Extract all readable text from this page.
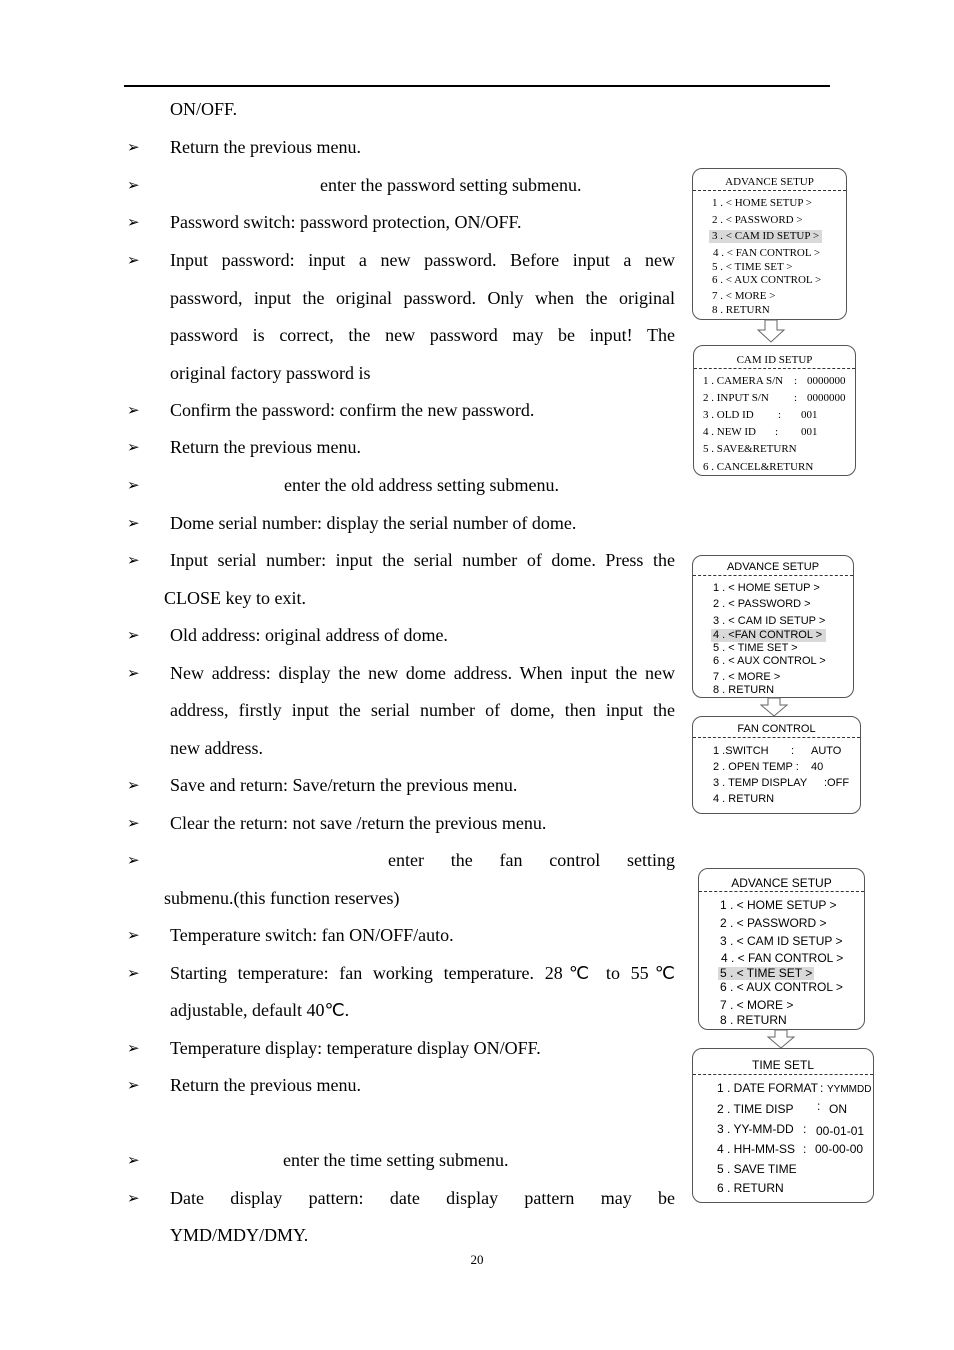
ON/OFF.
➢ Return the previous menu.
➢	enter the password setting submenu.
➢ Password switch: password protection, ON/OFF.
➢ Input password: input a new password. Before input a new
password, input the original password. Only when the original
password is correct, the new password may be input! The
original factory password is
➢ Confirm the password: confirm the new password.
➢ Return the previous menu.
➢	enter the old address setting submenu.
➢ Dome serial number: display the serial number of dome.
➢ Input serial number: input the serial number of dome. Press the
CLOSE key to exit.
➢ Old address: original address of dome.
➢ New address: display the new dome address. When input the new
address, firstly input the serial number of dome, then input the
new address.
➢ Save and return: Save/return the previous menu.
➢ Clear the return: not save /return the previous menu.
➢	enter the fan control setting
submenu.(this function reserves)
➢ Temperature switch: fan ON/OFF/auto.
➢ Starting temperature: fan working temperature. 28℃ to 55℃
adjustable, default 40℃.
➢ Temperature display: temperature display ON/OFF.
➢ Return the previous menu.
➢	enter the time setting submenu.
➢ Date display pattern: date display pattern may be
YMD/MDY/DMY.
20
ADVANCE SETUP
1 . < HOME SETUP >
2 . < PASSWORD >
3 . < CAM ID SETUP >
4 . < FAN CONTROL >
5 . < TIME SET >
6 . < AUX CONTROL >
7 . < MORE >
8 . RETURN
CAM ID SETUP
1 . CAMERA S/N : 0000000
2 . INPUT S/N : 0000000
3 . OLD ID : 001
4 . NEW ID : 001
5 . SAVE&RETURN
6 . CANCEL&RETURN
ADVANCE SETUP
1 . < HOME SETUP >
2 . < PASSWORD >
3 . < CAM ID SETUP >
4 . <FAN CONTROL >
5 . < TIME SET >
6 . < AUX CONTROL >
7 . < MORE >
8 . RETURN
FAN CONTROL
1 .SWITCH : AUTO
2 . OPEN TEMP : 40
3 . TEMP DISPLAY :OFF
4 . RETURN
ADVANCE SETUP
1 . < HOME SETUP >
2 . < PASSWORD >
3 . < CAM ID SETUP >
4 . < FAN CONTROL >
5 . < TIME SET >
6 . < AUX CONTROL >
7 . < MORE >
8 . RETURN
TIME SETL
1 . DATE FORMAT : YYMMDD
2 . TIME DISP : ON
3 . YY-MM-DD : 00-01-01
4 . HH-MM-SS : 00-00-00
5 . SAVE TIME
6 . RETURN
